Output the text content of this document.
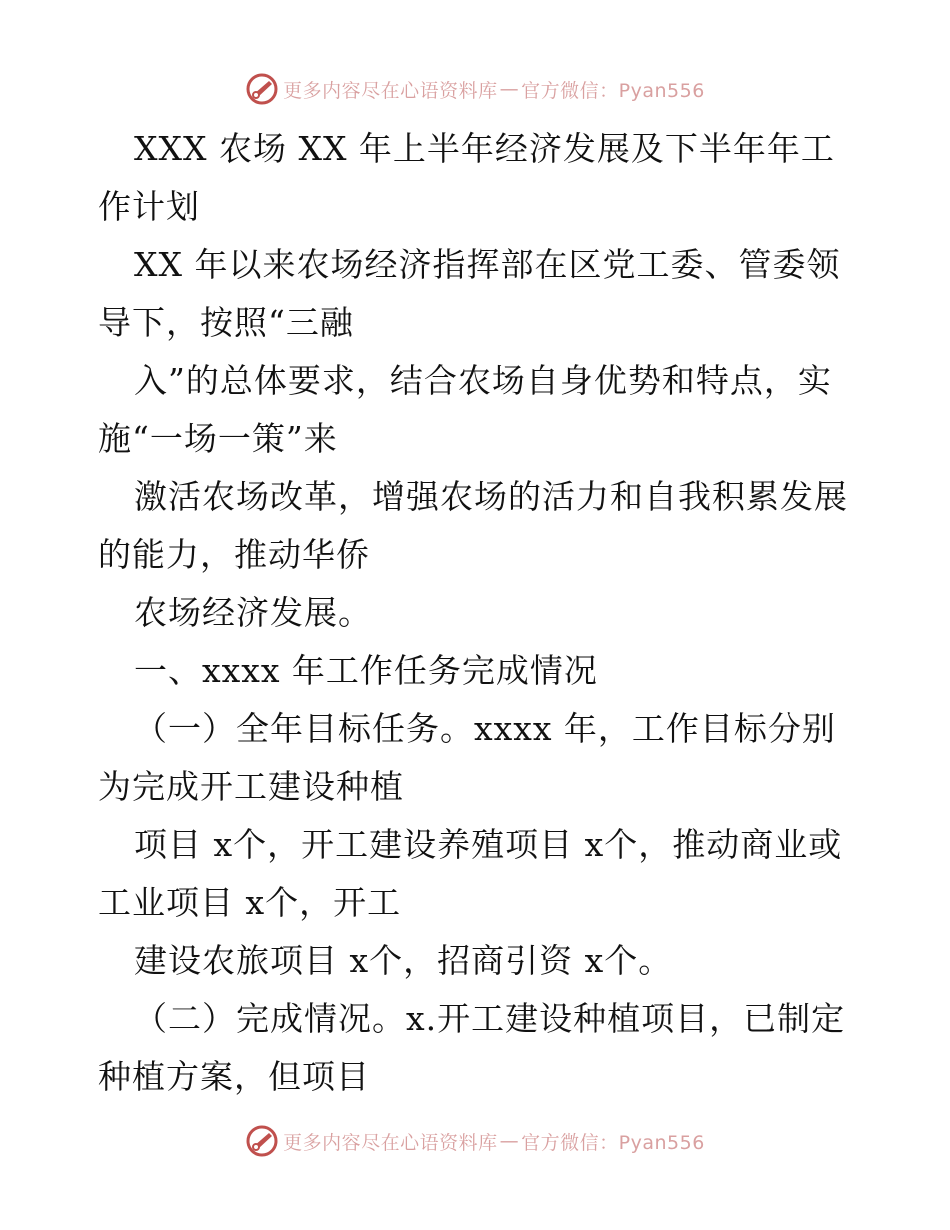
更多内容尽在心语资料库 — 官方微信：Pyan556

XXX 农场 XX 年上半年经济发展及下半年年工作计划

XX 年以来农场经济指挥部在区党工委、管委领导下，按照“三融

入”的总体要求，结合农场自身优势和特点，实施“一场一策”来

激活农场改革，增强农场的活力和自我积累发展的能力，推动华侨

农场经济发展。

一、xxxx 年工作任务完成情况

（一）全年目标任务。xxxx 年，工作目标分别为完成开工建设种植

项目 x个，开工建设养殖项目 x个，推动商业或工业项目 x个，开工

建设农旅项目 x个，招商引资 x个。

（二）完成情况。x.开工建设种植项目，已制定种植方案，但项目

更多内容尽在心语资料库 — 官方微信：Pyan556
